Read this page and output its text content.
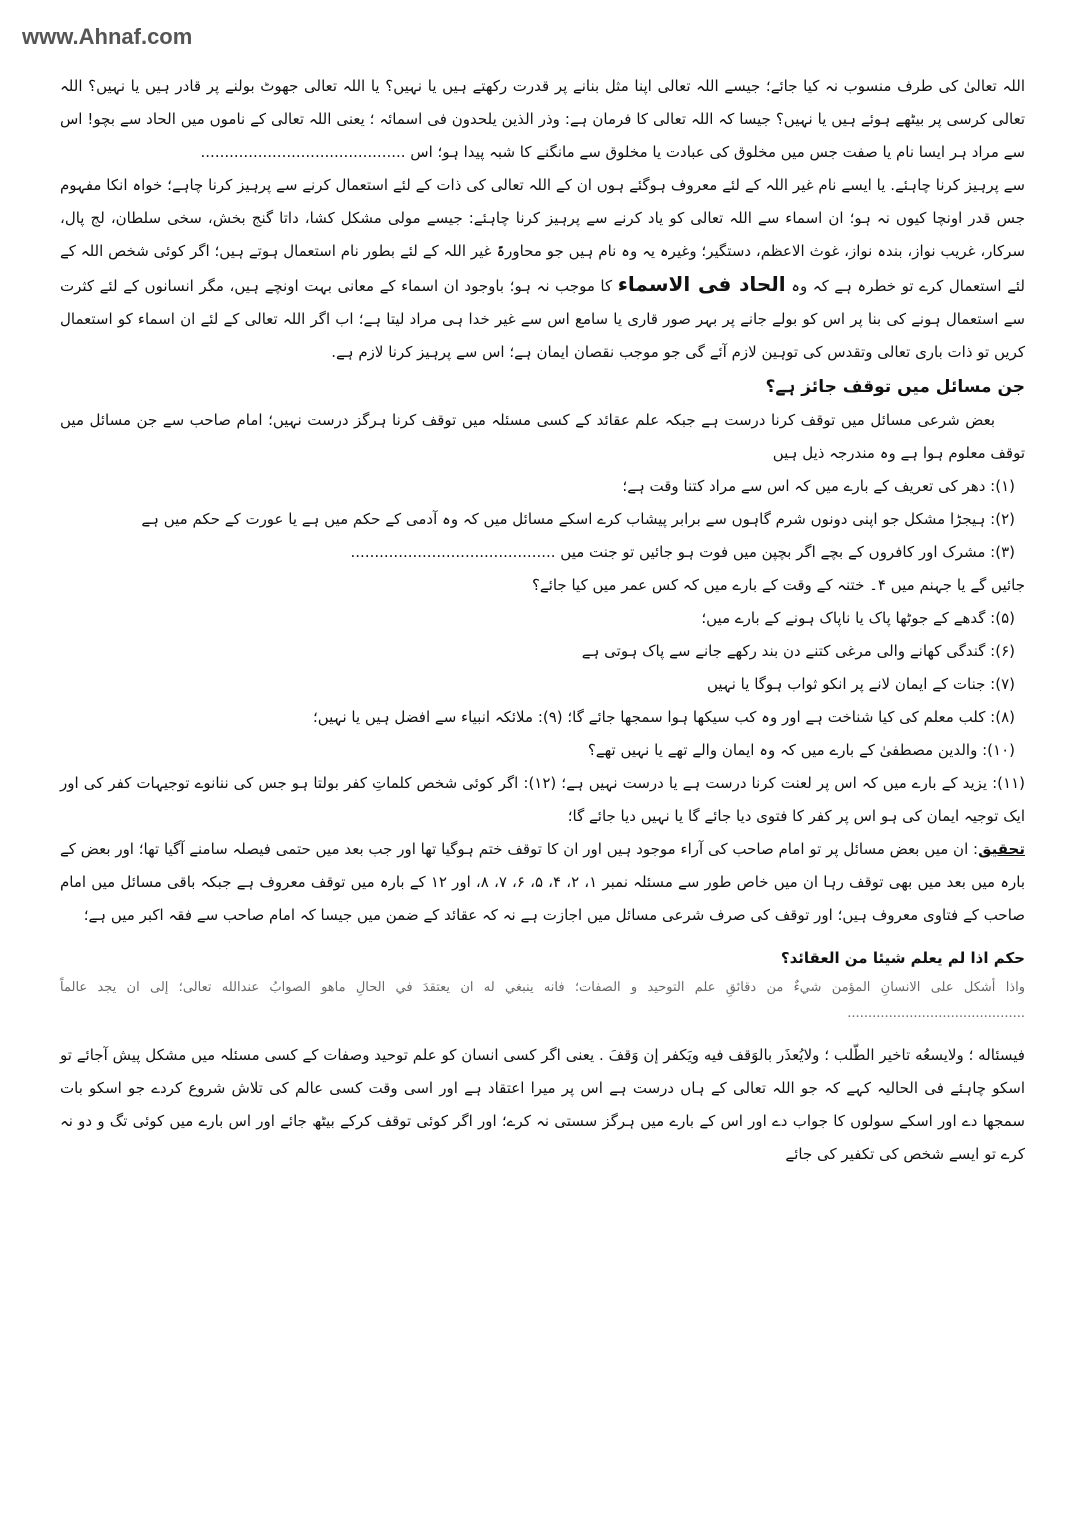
www.Ahnaf.com

اللہ تعالیٰ کی طرف منسوب نہ کیا جائے؛ جیسے اللہ تعالی اپنا مثل بنانے پر قدرت رکھتے ہیں یا نہیں؟ یا اللہ تعالی جھوٹ بولنے پر قادر ہیں یا نہیں؟ اللہ تعالی کرسی پر بیٹھے ہوئے ہیں یا نہیں؟ جیسا کہ اللہ تعالی کا فرمان ہے: وذر الذین یلحدون فی اسمائہ ؛ یعنی اللہ تعالی کے ناموں میں الحاد سے بچو! اس سے مراد ہر ایسا نام یا صفت جس میں مخلوق کی عبادت یا مخلوق سے مانگنے کا شبہ پیدا ہو؛ اس ...........................................

سے پرہیز کرنا چاہئے. یا ایسے نام غیر اللہ کے لئے معروف ہوگئے ہوں ان کے اللہ تعالی کی ذات کے لئے استعمال کرنے سے پرہیز کرنا چاہے؛ خواہ انکا مفہوم جس قدر اونچا کیوں نہ ہو؛ ان اسماء سے اللہ تعالی کو یاد کرنے سے پرہیز کرنا چاہئے: جیسے مولی مشکل کشا، داتا گنج بخش، سخی سلطان، لج پال، سرکار، غریب نواز، بندہ نواز، غوث الاعظم، دستگیر؛ وغیرہ یہ وہ نام ہیں جو محاورۃً غیر اللہ کے لئے بطور نام استعمال ہوتے ہیں؛ اگر کوئی شخص اللہ کے لئے استعمال کرے تو خطرہ ہے کہ وہ الحاد فی الاسماء کا موجب نہ ہو؛ باوجود ان اسماء کے معانی بہت اونچے ہیں، مگر انسانوں کے لئے کثرت سے استعمال ہونے کی بنا پر اس کو بولے جانے پر بہر صور قاری یا سامع اس سے غیر خدا ہی مراد لیتا ہے؛ اب اگر اللہ تعالی کے لئے ان اسماء کو استعمال کریں تو ذات باری تعالی وتقدس کی توہین لازم آئے گی جو موجب نقصان ایمان ہے؛ اس سے پرہیز کرنا لازم ہے.

جن مسائل میں توقف جائز ہے؟

بعض شرعی مسائل میں توقف کرنا درست ہے جبکہ علم عقائد کے کسی مسئلہ میں توقف کرنا ہرگز درست نہیں؛ امام صاحب سے جن مسائل میں توقف معلوم ہوا ہے وہ مندرجہ ذیل ہیں

(۱): دھر کی تعریف کے بارے میں کہ اس سے مراد کتنا وقت ہے؛

(۲): ہیجڑا مشکل جو اپنی دونوں شرم گاہوں سے برابر پیشاب کرے اسکے مسائل میں کہ وہ آدمی کے حکم میں ہے یا عورت کے حکم میں ہے

(۳): مشرک اور کافروں کے بچے اگر بچپن میں فوت ہو جائیں تو جنت میں ...........................................

جائیں گے یا جہنم میں ۴۔ ختنہ کے وقت کے بارے میں کہ کس عمر میں کیا جائے؟

(۵): گدھے کے جوٹھا پاک یا ناپاک ہونے کے بارے میں؛

(۶): گندگی کھانے والی مرغی کتنے دن بند رکھے جانے سے پاک ہوتی ہے

(۷): جنات کے ایمان لانے پر انکو ثواب ہوگا یا نہیں

(۸): کلب معلم کی کیا شناخت ہے اور وہ کب سیکھا ہوا سمجھا جائے گا؛ (۹): ملائکہ انبیاء سے افضل ہیں یا نہیں؛

(۱۰): والدین مصطفیٰ کے بارے میں کہ وہ ایمان والے تھے یا نہیں تھے؟

(۱۱): یزید کے بارے میں کہ اس پر لعنت کرنا درست ہے یا درست نہیں ہے؛ (۱۲): اگر کوئی شخص کلماتِ کفر بولتا ہو جس کی ننانوے توجیہات کفر کی اور ایک توجیہ ایمان کی ہو اس پر کفر کا فتوی دیا جائے گا یا نہیں دیا جائے گا؛

تحقیق: ان میں بعض مسائل پر تو امام صاحب کی آراء موجود ہیں اور ان کا توقف ختم ہوگیا تھا اور جب بعد میں حتمی فیصلہ سامنے آگیا تھا؛ اور بعض کے بارہ میں بعد میں بھی توقف رہا ان میں خاص طور سے مسئلہ نمبر ۱، ۲، ۴، ۵، ۶، ۷، ۸، اور ۱۲ کے بارہ میں توقف معروف ہے جبکہ باقی مسائل میں امام صاحب کے فتاوی معروف ہیں؛ اور توقف کی صرف شرعی مسائل میں اجازت ہے نہ کہ عقائد کے ضمن میں جیسا کہ امام صاحب سے فقہ اکبر میں ہے؛

حکم اذا لم یعلم شیئا من العقائد؟

واذا أشكل على الانسانِ المؤمن شيءٌ من دقائقِ علم التوحيد و الصفات؛ فانه ينبغي له ان يعتقدَ في الحالِ ماهو الصوابُ عندالله تعالى؛ إلى ان يجد عالماً ...........................................

فيسئاله ؛ ولايسعُه تاخير الطّلب ؛ ولايُعذَر بالوَقف فيه ويَكفر إن وَقفَ . یعنی اگر کسی انسان کو علم توحید وصفات کے کسی مسئلہ میں مشکل پیش آجائے تو اسکو چاہئے فی الحالیہ کہے کہ جو اللہ تعالی کے ہاں درست ہے اس پر میرا اعتقاد ہے اور اسی وقت کسی عالم کی تلاش شروع کردے جو اسکو بات سمجھا دے اور اسکے سولوں کا جواب دے اور اس کے بارے میں ہرگز سستی نہ کرے؛ اور اگر کوئی توقف کرکے بیٹھ جائے اور اس بارے میں کوئی تگ و دو نہ کرے تو ایسے شخص کی تکفیر کی جائے
